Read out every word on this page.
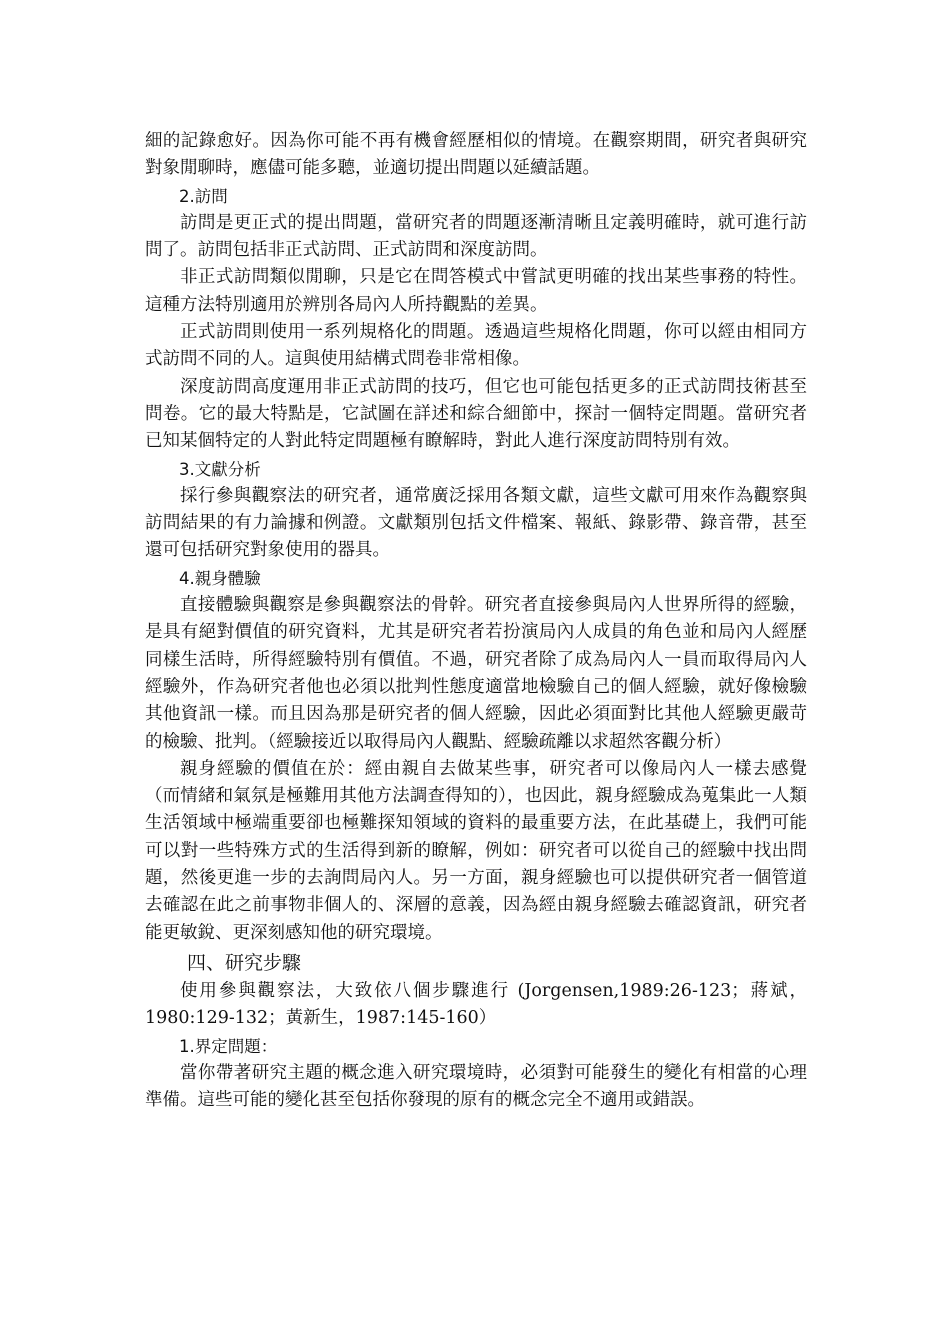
細的記錄愈好。因為你可能不再有機會經歷相似的情境。在觀察期間，研究者與研究對象閒聊時，應儘可能多聽，並適切提出問題以延續話題。

2.訪問

訪問是更正式的提出問題，當研究者的問題逐漸清晰且定義明確時，就可進行訪問了。訪問包括非正式訪問、正式訪問和深度訪問。

非正式訪問類似閒聊，只是它在問答模式中嘗試更明確的找出某些事務的特性。這種方法特別適用於辨別各局內人所持觀點的差異。

正式訪問則使用一系列規格化的問題。透過這些規格化問題，你可以經由相同方式訪問不同的人。這與使用結構式問卷非常相像。

深度訪問高度運用非正式訪問的技巧，但它也可能包括更多的正式訪問技術甚至問卷。它的最大特點是，它試圖在詳述和綜合細節中，探討一個特定問題。當研究者已知某個特定的人對此特定問題極有瞭解時，對此人進行深度訪問特別有效。

3.文獻分析

採行參與觀察法的研究者，通常廣泛採用各類文獻，這些文獻可用來作為觀察與訪問結果的有力論據和例證。文獻類別包括文件檔案、報紙、錄影帶、錄音帶，甚至還可包括研究對象使用的器具。

4.親身體驗

直接體驗與觀察是參與觀察法的骨幹。研究者直接參與局內人世界所得的經驗，是具有絕對價值的研究資料，尤其是研究者若扮演局內人成員的角色並和局內人經歷同樣生活時，所得經驗特別有價值。不過，研究者除了成為局內人一員而取得局內人經驗外，作為研究者他也必須以批判性態度適當地檢驗自己的個人經驗，就好像檢驗其他資訊一樣。而且因為那是研究者的個人經驗，因此必須面對比其他人經驗更嚴苛的檢驗、批判。（經驗接近以取得局內人觀點、經驗疏離以求超然客觀分析）

親身經驗的價值在於：經由親自去做某些事，研究者可以像局內人一樣去感覺（而情緒和氣氛是極難用其他方法調查得知的），也因此，親身經驗成為蒐集此一人類生活領域中極端重要卻也極難探知領域的資料的最重要方法，在此基礎上，我們可能可以對一些特殊方式的生活得到新的瞭解，例如：研究者可以從自己的經驗中找出問題，然後更進一步的去詢問局內人。另一方面，親身經驗也可以提供研究者一個管道去確認在此之前事物非個人的、深層的意義，因為經由親身經驗去確認資訊，研究者能更敏銳、更深刻感知他的研究環境。

四、研究步驟

使用參與觀察法，大致依八個步驟進行 (Jorgensen,1989:26-123；蔣斌，1980:129-132；黃新生，1987:145-160）

1.界定問題：

當你帶著研究主題的概念進入研究環境時，必須對可能發生的變化有相當的心理準備。這些可能的變化甚至包括你發現的原有的概念完全不適用或錯誤。
